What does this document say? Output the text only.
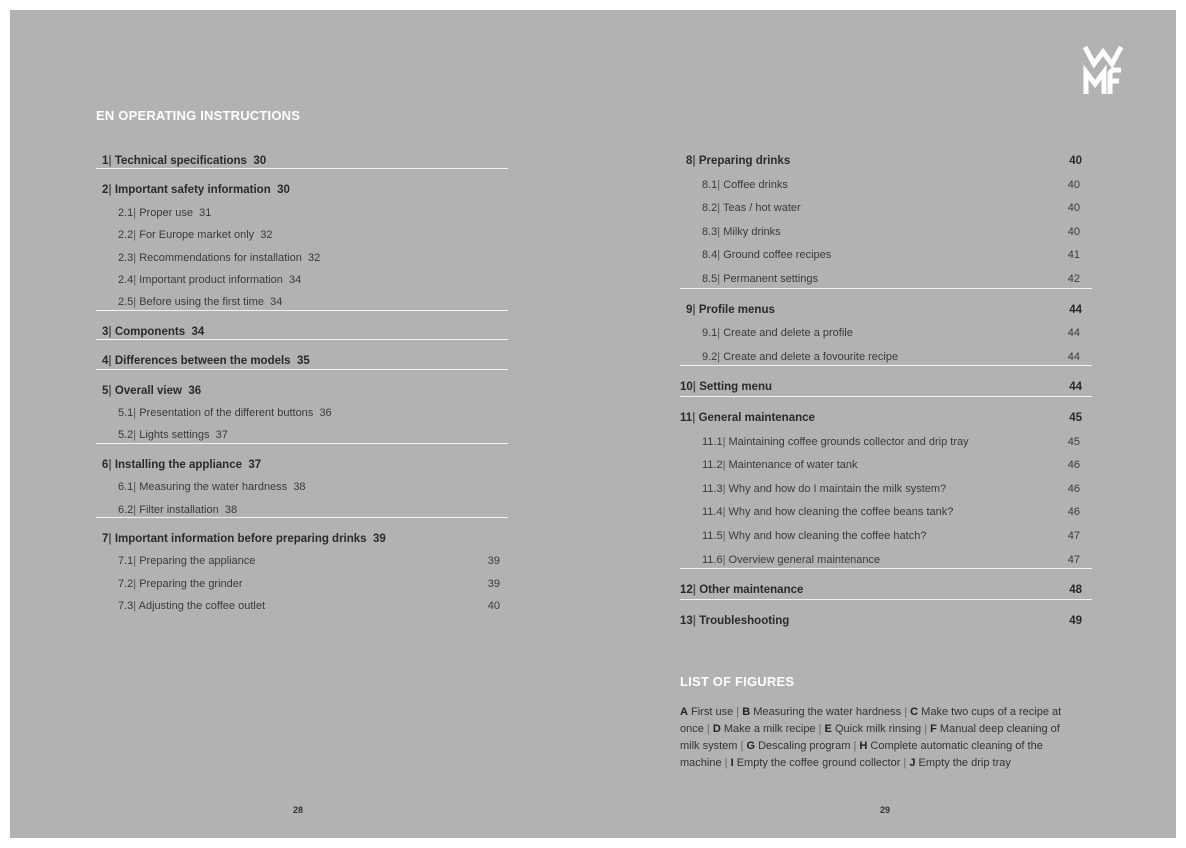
EN OPERATING INSTRUCTIONS
1| Technical specifications 30
2| Important safety information 30
2.1| Proper use 31
2.2| For Europe market only 32
2.3| Recommendations for installation 32
2.4| Important product information 34
2.5| Before using the first time 34
3| Components 34
4| Differences between the models 35
5| Overall view 36
5.1| Presentation of the different buttons 36
5.2| Lights settings 37
6| Installing the appliance 37
6.1| Measuring the water hardness 38
6.2| Filter installation 38
7| Important information before preparing drinks 39
39
7.1| Preparing the appliance
39
7.2| Preparing the grinder
40
7.3| Adjusting the coffee outlet
40
8| Preparing drinks
40
8.1| Coffee drinks
40
8.2| Teas / hot water
40
8.3| Milky drinks
41
8.4| Ground coffee recipes
42
8.5| Permanent settings
44
9| Profile menus
44
9.1| Create and delete a profile
44
9.2| Create and delete a fovourite recipe
44
10| Setting menu
45
11| General maintenance
45
11.1| Maintaining coffee grounds collector and drip tray
46
11.2| Maintenance of water tank
46
11.3| Why and how do I maintain the milk system?
46
11.4| Why and how cleaning the coffee beans tank?
47
11.5| Why and how cleaning the coffee hatch?
47
11.6| Overview general maintenance
48
12| Other maintenance
49
13| Troubleshooting
LIST OF FIGURES
A First use | B Measuring the water hardness | C Make two cups of a recipe at once | D Make a milk recipe | E Quick milk rinsing | F Manual deep cleaning of milk system | G Descaling program | H Complete automatic cleaning of the machine | I Empty the coffee ground collector | J Empty the drip tray
28	29
